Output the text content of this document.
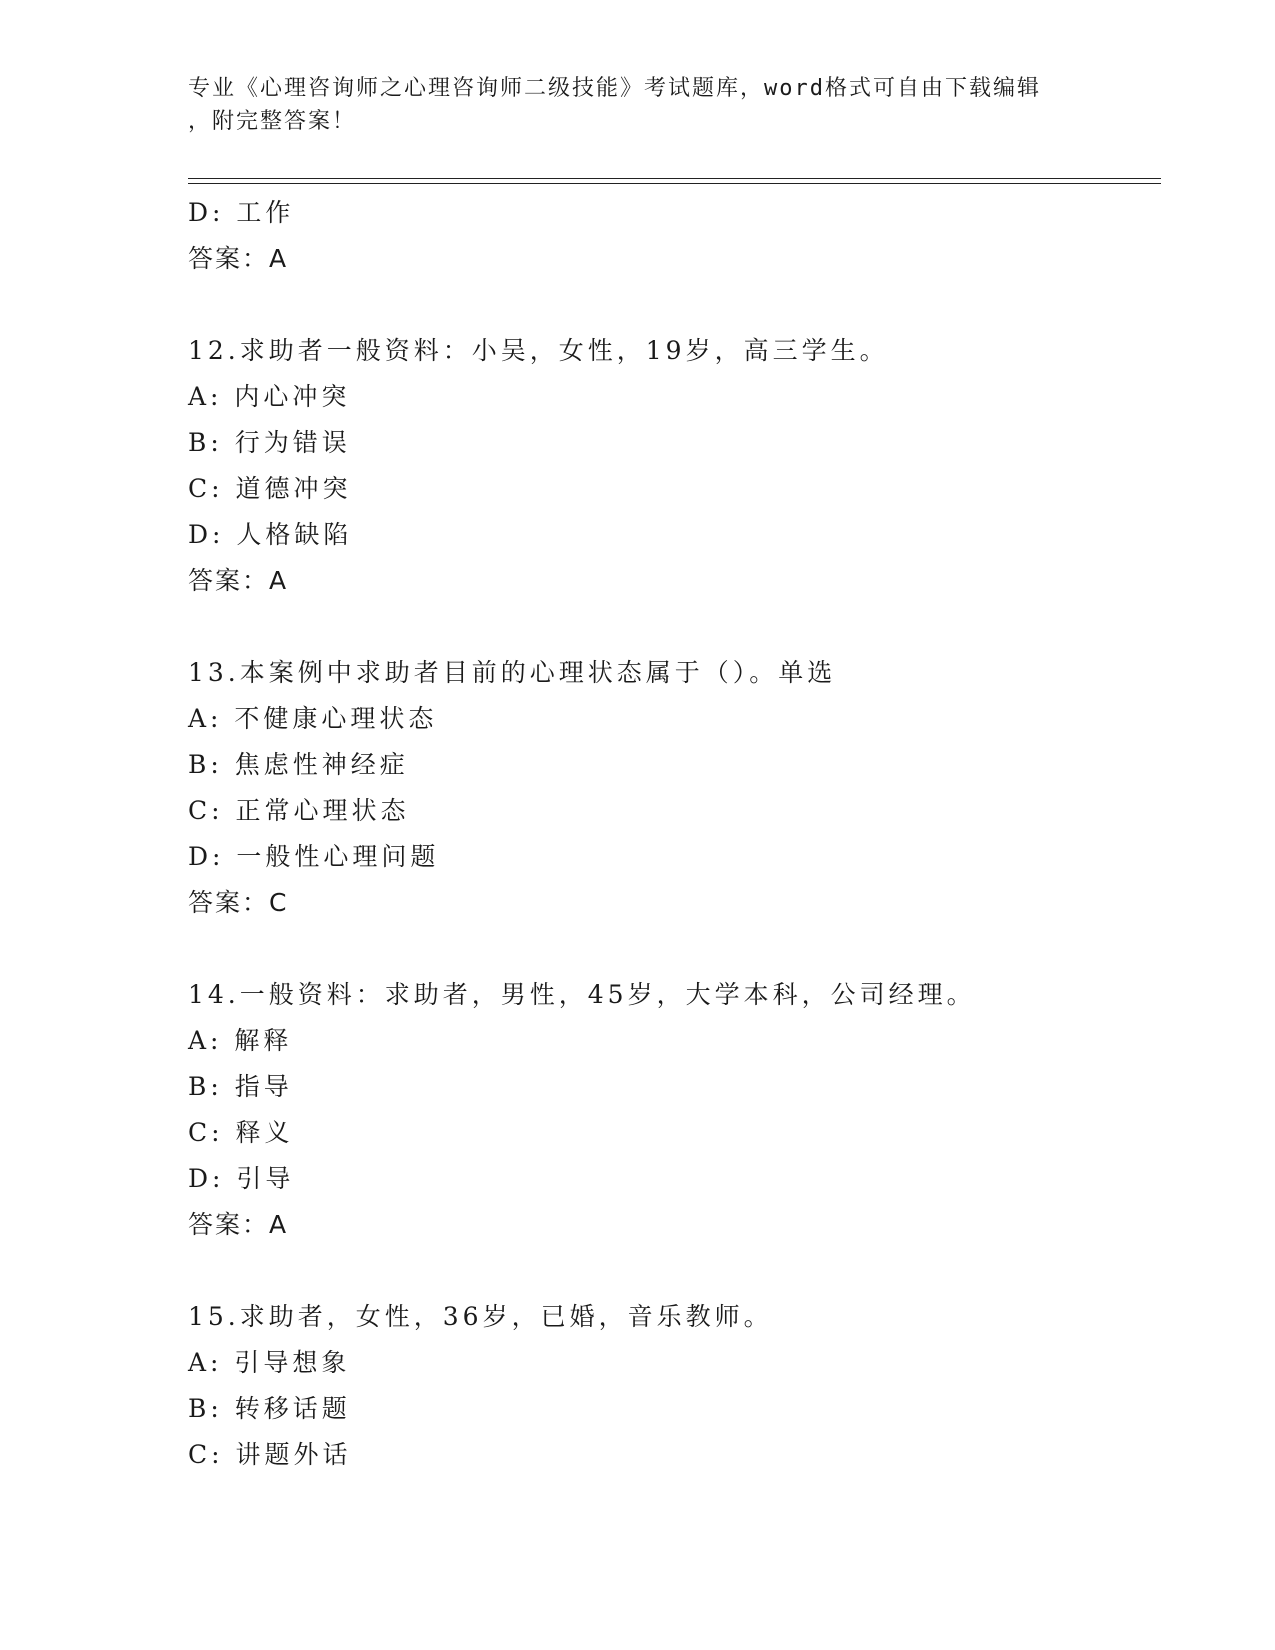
专业《心理咨询师之心理咨询师二级技能》考试题库，word格式可自由下载编辑
，附完整答案！
D: 工作
答案：A
12.求助者一般资料：小吴，女性，19岁，高三学生。
A: 内心冲突
B: 行为错误
C: 道德冲突
D: 人格缺陷
答案：A
13.本案例中求助者目前的心理状态属于（）。单选
A: 不健康心理状态
B: 焦虑性神经症
C: 正常心理状态
D: 一般性心理问题
答案：C
14.一般资料：求助者，男性，45岁，大学本科，公司经理。
A: 解释
B: 指导
C: 释义
D: 引导
答案：A
15.求助者，女性，36岁，已婚，音乐教师。
A: 引导想象
B: 转移话题
C: 讲题外话
